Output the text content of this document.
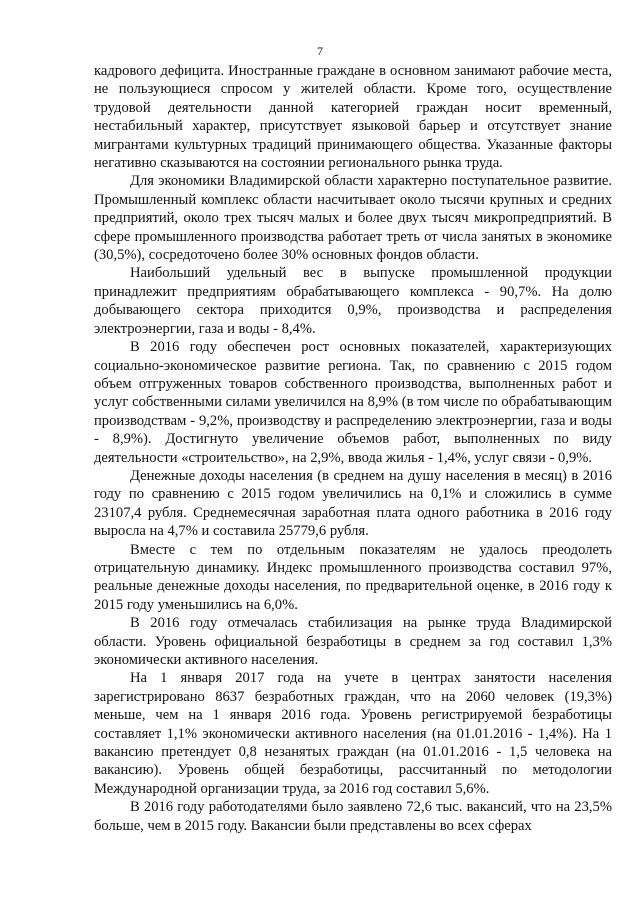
7

кадрового дефицита. Иностранные граждане в основном занимают рабочие места, не пользующиеся спросом у жителей области. Кроме того, осуществление трудовой деятельности данной категорией граждан носит временный, нестабильный характер, присутствует языковой барьер и отсутствует знание мигрантами культурных традиций принимающего общества. Указанные факторы негативно сказываются на состоянии регионального рынка труда.

Для экономики Владимирской области характерно поступательное развитие. Промышленный комплекс области насчитывает около тысячи крупных и средних предприятий, около трех тысяч малых и более двух тысяч микропредприятий. В сфере промышленного производства работает треть от числа занятых в экономике (30,5%), сосредоточено более 30% основных фондов области.

Наибольший удельный вес в выпуске промышленной продукции принадлежит предприятиям обрабатывающего комплекса - 90,7%. На долю добывающего сектора приходится 0,9%, производства и распределения электроэнергии, газа и воды - 8,4%.

В 2016 году обеспечен рост основных показателей, характеризующих социально-экономическое развитие региона. Так, по сравнению с 2015 годом объем отгруженных товаров собственного производства, выполненных работ и услуг собственными силами увеличился на 8,9% (в том числе по обрабатывающим производствам - 9,2%, производству и распределению электроэнергии, газа и воды - 8,9%). Достигнуто увеличение объемов работ, выполненных по виду деятельности «строительство», на 2,9%, ввода жилья - 1,4%, услуг связи - 0,9%.

Денежные доходы населения (в среднем на душу населения в месяц) в 2016 году по сравнению с 2015 годом увеличились на 0,1% и сложились в сумме 23107,4 рубля. Среднемесячная заработная плата одного работника в 2016 году выросла на 4,7% и составила 25779,6 рубля.

Вместе с тем по отдельным показателям не удалось преодолеть отрицательную динамику. Индекс промышленного производства составил 97%, реальные денежные доходы населения, по предварительной оценке, в 2016 году к 2015 году уменьшились на 6,0%.

В 2016 году отмечалась стабилизация на рынке труда Владимирской области. Уровень официальной безработицы в среднем за год составил 1,3% экономически активного населения.

На 1 января 2017 года на учете в центрах занятости населения зарегистрировано 8637 безработных граждан, что на 2060 человек (19,3%) меньше, чем на 1 января 2016 года. Уровень регистрируемой безработицы составляет 1,1% экономически активного населения (на 01.01.2016 - 1,4%). На 1 вакансию претендует 0,8 незанятых граждан (на 01.01.2016 - 1,5 человека на вакансию). Уровень общей безработицы, рассчитанный по методологии Международной организации труда, за 2016 год составил 5,6%.

В 2016 году работодателями было заявлено 72,6 тыс. вакансий, что на 23,5% больше, чем в 2015 году. Вакансии были представлены во всех сферах
